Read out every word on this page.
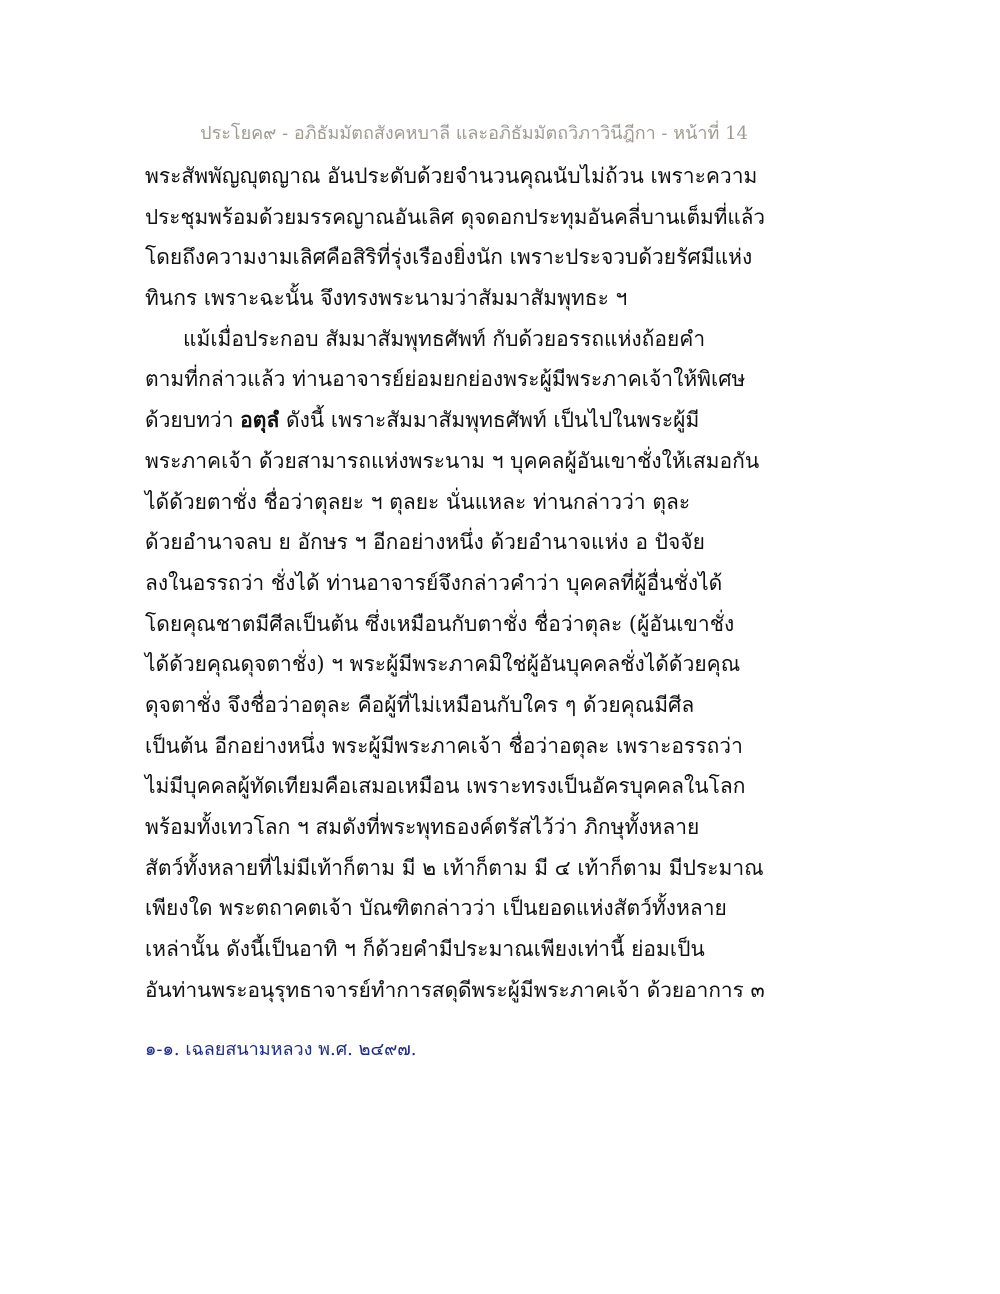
ประโยค๙ - อภิธัมมัตถสังคหบาลี และอภิธัมมัตถวิภาวินีฎีกา - หน้าที่ 14
พระสัพพัญญุตญาณ อันประดับด้วยจำนวนคุณนับไม่ถ้วน เพราะความ
ประชุมพร้อมด้วยมรรคญาณอันเลิศ ดุจดอกประทุมอันคลี่บานเต็มที่แล้ว
โดยถึงความงามเลิศคือสิริที่รุ่งเรืองยิ่งนัก เพราะประจวบด้วยรัศมีแห่ง
ทินกร เพราะฉะนั้น จึงทรงพระนามว่าสัมมาสัมพุทธะ ฯ
แม้เมื่อประกอบ สัมมาสัมพุทธศัพท์ กับด้วยอรรถแห่งถ้อยคำ
ตามที่กล่าวแล้ว ท่านอาจารย์ย่อมยกย่องพระผู้มีพระภาคเจ้าให้พิเศษ
ด้วยบทว่า อตุลํ ดังนี้ เพราะสัมมาสัมพุทธศัพท์ เป็นไปในพระผู้มี
พระภาคเจ้า ด้วยสามารถแห่งพระนาม ฯ บุคคลผู้อันเขาชั่งให้เสมอกัน
ได้ด้วยตาชั่ง ชื่อว่าตุลยะ ฯ ตุลยะ นั่นแหละ ท่านกล่าวว่า ตุละ
ด้วยอำนาจลบ ย อักษร ฯ อีกอย่างหนึ่ง ด้วยอำนาจแห่ง อ ปัจจัย
ลงในอรรถว่า ชั่งได้ ท่านอาจารย์จึงกล่าวคำว่า บุคคลที่ผู้อื่นชั่งได้
โดยคุณชาตมีศีลเป็นต้น ซึ่งเหมือนกับตาชั่ง ชื่อว่าตุละ (ผู้อันเขาชั่ง
ได้ด้วยคุณดุจตาชั่ง) ฯ พระผู้มีพระภาคมิใช่ผู้อันบุคคลชั่งได้ด้วยคุณ
ดุจตาชั่ง จึงชื่อว่าอตุละ คือผู้ที่ไม่เหมือนกับใคร ๆ ด้วยคุณมีศีล
เป็นต้น อีกอย่างหนึ่ง พระผู้มีพระภาคเจ้า ชื่อว่าอตุละ เพราะอรรถว่า
ไม่มีบุคคลผู้ทัดเทียมคือเสมอเหมือน เพราะทรงเป็นอัครบุคคลในโลก
พร้อมทั้งเทวโลก ฯ สมดังที่พระพุทธองค์ตรัสไว้ว่า ภิกษุทั้งหลาย
สัตว์ทั้งหลายที่ไม่มีเท้าก็ตาม มี ๒ เท้าก็ตาม มี ๔ เท้าก็ตาม มีประมาณ
เพียงใด พระตถาคตเจ้า บัณฑิตกล่าวว่า เป็นยอดแห่งสัตว์ทั้งหลาย
เหล่านั้น ดังนี้เป็นอาทิ ฯ ก็ด้วยคำมีประมาณเพียงเท่านี้ ย่อมเป็น
อันท่านพระอนุรุทธาจารย์ทำการสดุดีพระผู้มีพระภาคเจ้า ด้วยอาการ ๓
๑-๑. เฉลยสนามหลวง พ.ศ. ๒๔๙๗.
